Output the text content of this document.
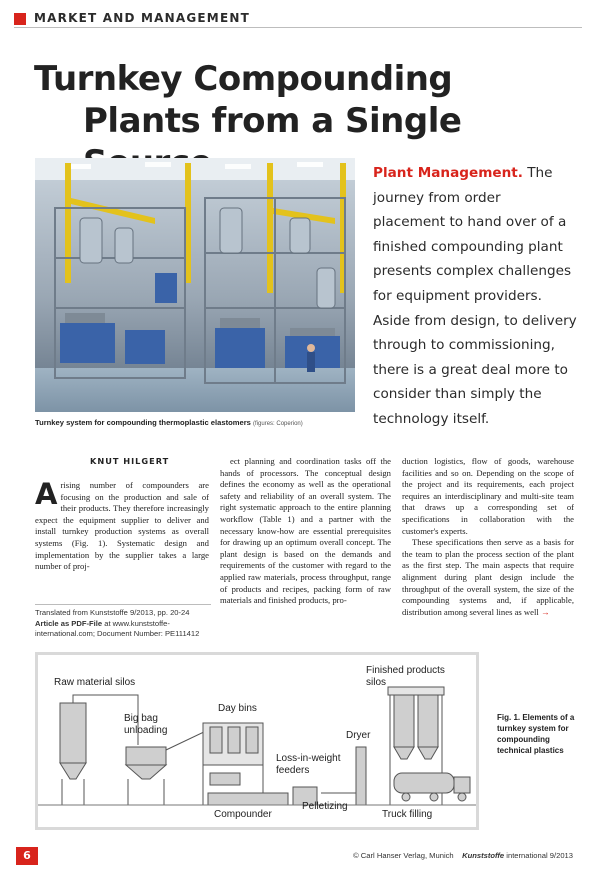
MARKET AND MANAGEMENT
Turnkey Compounding
Plants from a Single
Turnkey system for compounding thermoplastic elastomers (figures: Coperion)

Plant Management. The journey from order placement to hand over of a finished compounding plant presents complex challenges for equipment providers. Aside from design, to delivery through to commissioning, there is a great deal more to consider than simply the technology itself.

KNUT HILGERT

Arising number of compounders are focusing on the production and sale of their products. They therefore increasingly expect the equipment supplier to deliver and install turnkey production systems as overall systems (Fig. 1). Systematic design and implementation by the supplier takes a large number of proj-

ect planning and coordination tasks off the hands of processors. The conceptual design defines the economy as well as the operational safety and reliability of an overall system. The right systematic approach to the entire planning workflow (Table 1) and a partner with the necessary know-how are essential prerequisites for drawing up an optimum overall concept. The plant design is based on the demands and requirements of the customer with regard to the applied raw materials, process throughput, range of products and recipes, packing form of raw materials and finished products, pro-

duction logistics, flow of goods, warehouse facilities and so on. Depending on the scope of the project and its requirements, each project requires an interdisciplinary and multi-site team that draws up a corresponding set of specifications in collaboration with the customer's experts.

These specifications then serve as a basis for the team to plan the process section of the plant as the first step. The main aspects that require alignment during plant design include the throughput of the overall system, the size of the compounding systems and, if applicable, distribution among several lines as well →

Translated from Kunststoffe 9/2013, pp. 20-24
Article as PDF-File at www.kunststoffe-international.com; Document Number: PE111412
Raw material silos
Big bag
unloading
Day bins
Loss-in-weight
feeders
Compounder
Pelletizing
Dryer
Finished products
silos
Truck filling
Fig. 1. Elements of a turnkey system for compounding technical plastics
6	© Carl Hanser Verlag, Munich Kunststoffe international 9/2013
